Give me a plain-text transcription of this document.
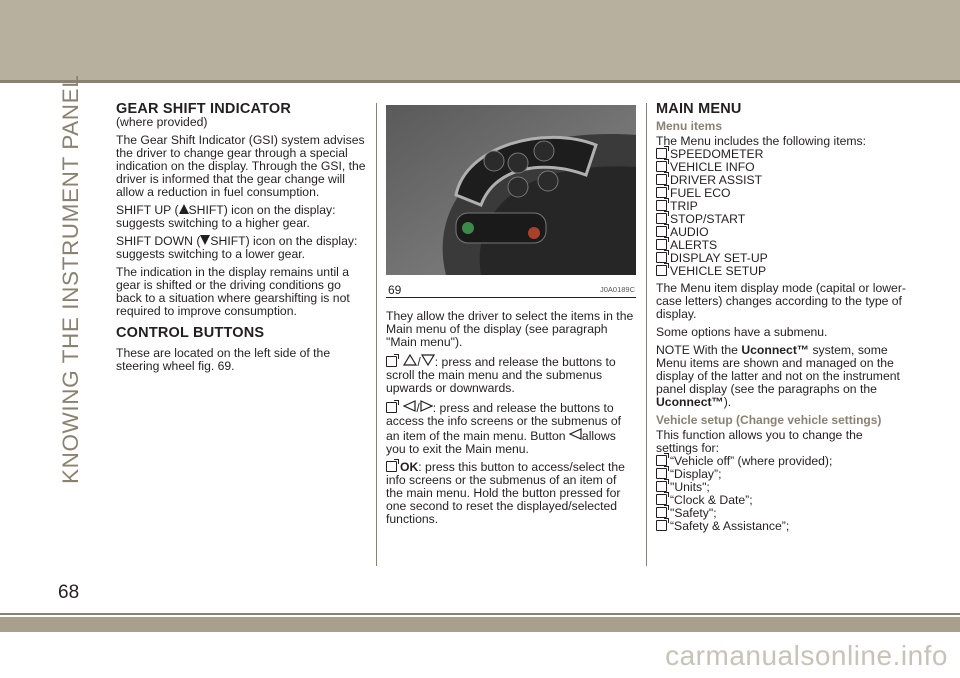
KNOWING THE INSTRUMENT PANEL GEAR SHIFT INDICATOR

(where provided)

The Gear Shift Indicator (GSI) system advises the driver to change gear through a special indication on the display. Through the GSI, the driver is informed that the gear change will allow a reduction in fuel consumption.

SHIFT UP ( SHIFT) icon on the display: suggests switching to a higher gear.

SHIFT DOWN ( SHIFT) icon on the display: suggests switching to a lower gear.

The indication in the display remains until a gear is shifted or the driving conditions go back to a situation where gearshifting is not required to improve consumption.

CONTROL BUTTONS

These are located on the left side of the steering wheel fig. 69.

69	J0A0189C

They allow the driver to select the items in the Main menu of the display (see paragraph "Main menu").

/ : press and release the buttons to scroll the main menu and the submenus upwards or downwards.

/ : press and release the buttons to access the info screens or the submenus of an item of the main menu. Button allows you to exit the Main menu.

OK: press this button to access/select the info screens or the submenus of an item of the main menu. Hold the button pressed for one second to reset the displayed/selected functions.

MAIN MENU
Menu items

The Menu includes the following items:

SPEEDOMETER
VEHICLE INFO
DRIVER ASSIST
FUEL ECO
TRIP
STOP/START
AUDIO
ALERTS
DISPLAY SET-UP
VEHICLE SETUP

The Menu item display mode (capital or lower-case letters) changes according to the type of display.

Some options have a submenu.

NOTE With the Uconnect™ system, some Menu items are shown and managed on the display of the latter and not on the instrument panel display (see the paragraphs on the Uconnect™).

Vehicle setup (Change vehicle settings)

This function allows you to change the settings for:

“Vehicle off” (where provided);
“Display”;
"Units";
“Clock & Date”;
"Safety";
“Safety & Assistance”;
68
carmanualsonline.info
